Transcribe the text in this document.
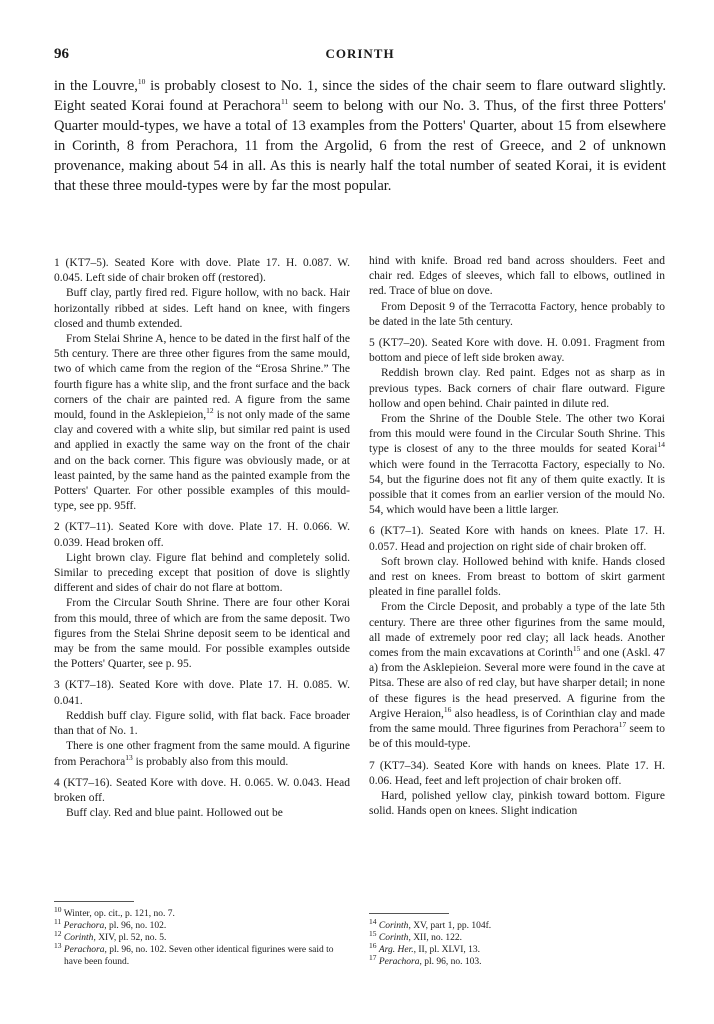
96	CORINTH

in the Louvre,$^{10}$ is probably closest to No. 1, since the sides of the chair seem to flare outward slightly. Eight seated Korai found at Perachora$^{11}$ seem to belong with our No. 3. Thus, of the first three Potters' Quarter mould-types, we have a total of 13 examples from the Potters' Quarter, about 15 from elsewhere in Corinth, 8 from Perachora, 11 from the Argolid, 6 from the rest of Greece, and 2 of unknown provenance, making about 54 in all. As this is nearly half the total number of seated Korai, it is evident that these three mould-types were by far the most popular.

1 (KT7–5). Seated Kore with dove. Plate 17. H. 0.087. W. 0.045. Left side of chair broken off (restored).

Buff clay, partly fired red. Figure hollow, with no back. Hair horizontally ribbed at sides. Left hand on knee, with fingers closed and thumb extended.

From Stelai Shrine A, hence to be dated in the first half of the 5th century. There are three other figures from the same mould, two of which came from the region of the “Erosa Shrine.” The fourth figure has a white slip, and the front surface and the back corners of the chair are painted red. A figure from the same mould, found in the Asklepieion,$^{12}$ is not only made of the same clay and covered with a white slip, but similar red paint is used and applied in exactly the same way on the front of the chair and on the back corner. This figure was obviously made, or at least painted, by the same hand as the painted example from the Potters' Quarter. For other possible examples of this mould-type, see pp. 95ff.

2 (KT7–11). Seated Kore with dove. Plate 17. H. 0.066. W. 0.039. Head broken off.

Light brown clay. Figure flat behind and completely solid. Similar to preceding except that position of dove is slightly different and sides of chair do not flare at bottom.

From the Circular South Shrine. There are four other Korai from this mould, three of which are from the same deposit. Two figures from the Stelai Shrine deposit seem to be identical and may be from the same mould. For possible examples outside the Potters' Quarter, see p. 95.

3 (KT7–18). Seated Kore with dove. Plate 17. H. 0.085. W. 0.041.

Reddish buff clay. Figure solid, with flat back. Face broader than that of No. 1.

There is one other fragment from the same mould. A figurine from Perachora$^{13}$ is probably also from this mould.

4 (KT7–16). Seated Kore with dove. H. 0.065. W. 0.043. Head broken off.

Buff clay. Red and blue paint. Hollowed out be

hind with knife. Broad red band across shoulders. Feet and chair red. Edges of sleeves, which fall to elbows, outlined in red. Trace of blue on dove.

From Deposit 9 of the Terracotta Factory, hence probably to be dated in the late 5th century.

5 (KT7–20). Seated Kore with dove. H. 0.091. Fragment from bottom and piece of left side broken away.

Reddish brown clay. Red paint. Edges not as sharp as in previous types. Back corners of chair flare outward. Figure hollow and open behind. Chair painted in dilute red.

From the Shrine of the Double Stele. The other two Korai from this mould were found in the Circular South Shrine. This type is closest of any to the three moulds for seated Korai$^{14}$ which were found in the Terracotta Factory, especially to No. 54, but the figurine does not fit any of them quite exactly. It is possible that it comes from an earlier version of the mould No. 54, which would have been a little larger.

6 (KT7–1). Seated Kore with hands on knees. Plate 17. H. 0.057. Head and projection on right side of chair broken off.

Soft brown clay. Hollowed behind with knife. Hands closed and rest on knees. From breast to bottom of skirt garment pleated in fine parallel folds.

From the Circle Deposit, and probably a type of the late 5th century. There are three other figurines from the same mould, all made of extremely poor red clay; all lack heads. Another comes from the main excavations at Corinth$^{15}$ and one (Askl. 47 a) from the Asklepieion. Several more were found in the cave at Pitsa. These are also of red clay, but have sharper detail; in none of these figures is the head preserved. A figurine from the Argive Heraion,$^{16}$ also headless, is of Corinthian clay and made from the same mould. Three figurines from Perachora$^{17}$ seem to be of this mould-type.

7 (KT7–34). Seated Kore with hands on knees. Plate 17. H. 0.06. Head, feet and left projection of chair broken off.

Hard, polished yellow clay, pinkish toward bottom. Figure solid. Hands open on knees. Slight indication

$^{10}$ Winter, op. cit., p. 121, no. 7.

$^{11}$ Perachora, pl. 96, no. 102.

$^{12}$ Corinth, XIV, pl. 52, no. 5.

$^{13}$ Perachora, pl. 96, no. 102. Seven other identical figurines were said to have been found.

$^{14}$ Corinth, XV, part 1, pp. 104f.

$^{15}$ Corinth, XII, no. 122.

$^{16}$ Arg. Her., II, pl. XLVI, 13.

$^{17}$ Perachora, pl. 96, no. 103.
